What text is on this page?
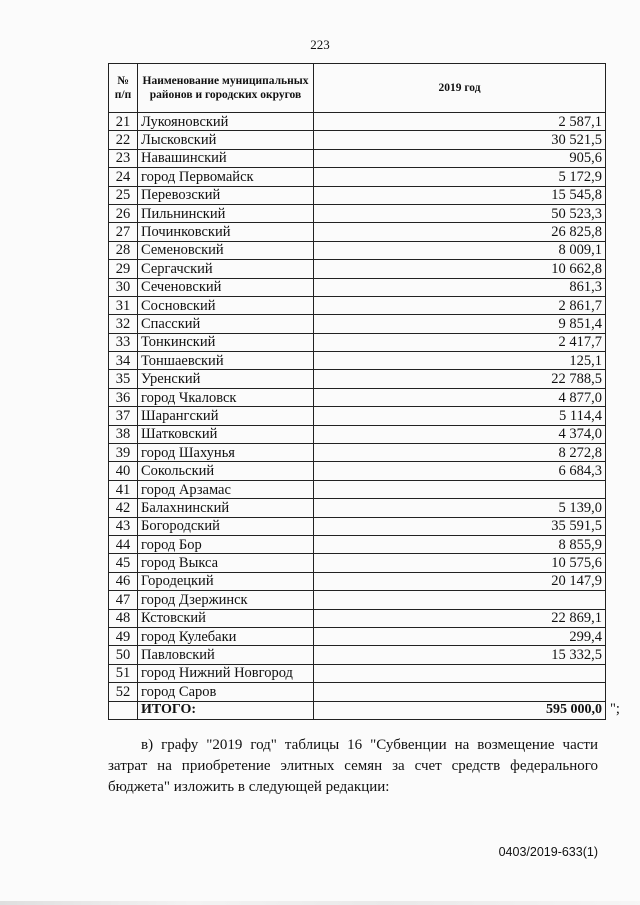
223
№ п/п	Наименование муниципальных районов и городских округов	2019 год
21	Лукояновский	2 587,1
22	Лысковский	30 521,5
23	Навашинский	905,6
24	город Первомайск	5 172,9
25	Перевозский	15 545,8
26	Пильнинский	50 523,3
27	Починковский	26 825,8
28	Семеновский	8 009,1
29	Сергачский	10 662,8
30	Сеченовский	861,3
31	Сосновский	2 861,7
32	Спасский	9 851,4
33	Тонкинский	2 417,7
34	Тоншаевский	125,1
35	Уренский	22 788,5
36	город Чкаловск	4 877,0
37	Шарангский	5 114,4
38	Шатковский	4 374,0
39	город Шахунья	8 272,8
40	Сокольский	6 684,3
41	город Арзамас	
42	Балахнинский	5 139,0
43	Богородский	35 591,5
44	город Бор	8 855,9
45	город Выкса	10 575,6
46	Городецкий	20 147,9
47	город Дзержинск	
48	Кстовский	22 869,1
49	город Кулебаки	299,4
50	Павловский	15 332,5
51	город Нижний Новгород	
52	город Саров	
	ИТОГО:	595 000,0 ";

в) графу "2019 год" таблицы 16 "Субвенции на возмещение части затрат на приобретение элитных семян за счет средств федерального бюджета" изложить в следующей редакции:

0403/2019-633(1)
